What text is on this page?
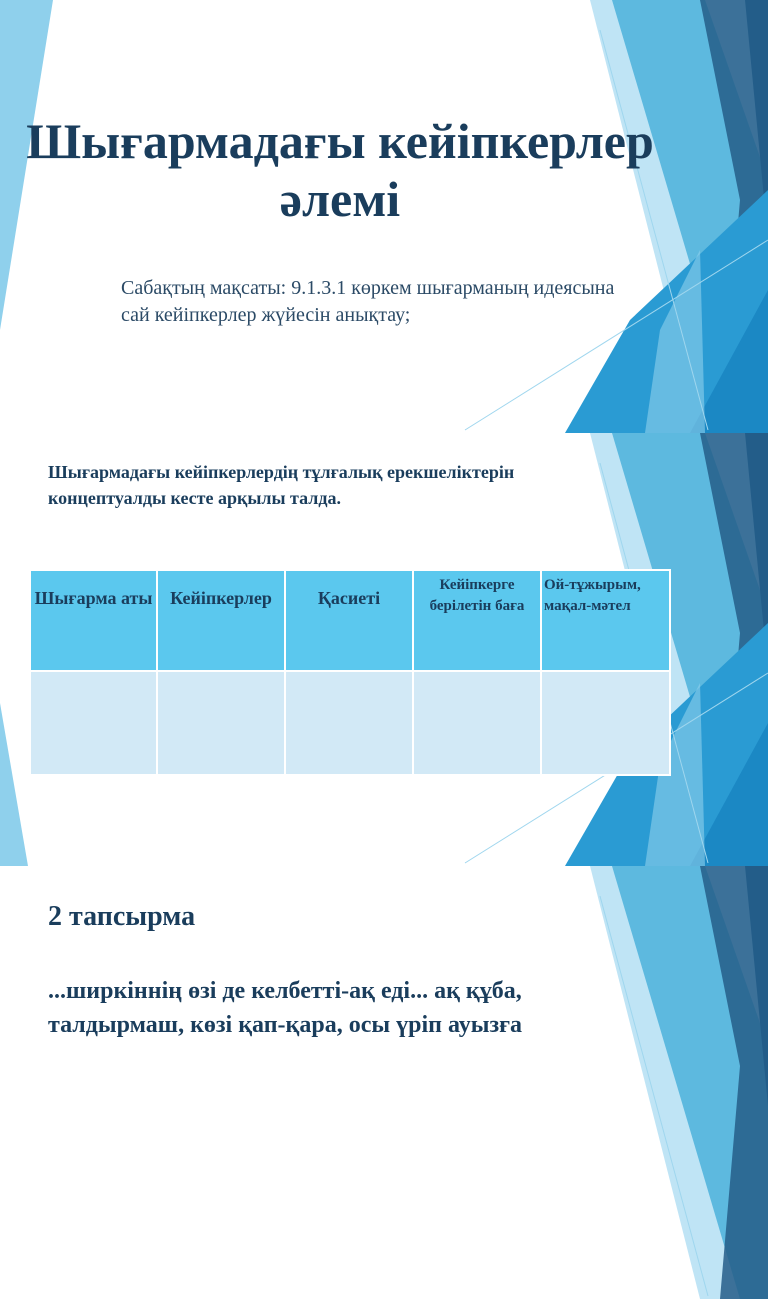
Шығармадағы кейіпкерлер әлемі
Сабақтың мақсаты: 9.1.3.1 көркем шығарманың идеясына сай кейіпкерлер жүйесін анықтау;
Шығармадағы кейіпкерлердің тұлғалық ерекшеліктерін концептуалды кесте арқылы талда.
Шығарма аты	Кейіпкерлер	Қасиеті	Кейіпкерге берілетін баға	Ой-тұжырым, мақал-мәтел

2 тапсырма
...ширкіннің өзі де келбетті-ақ еді... ақ құба, талдырмаш, көзі қап-қара, осы үріп ауызға
